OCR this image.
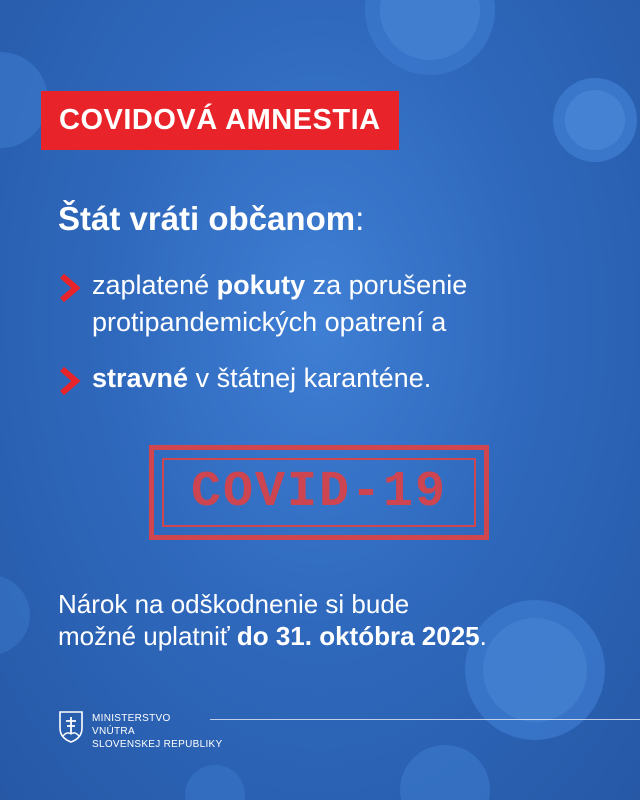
COVIDOVÁ AMNESTIA
Štát vráti občanom:
zaplatené pokuty za porušenie
protipandemických opatrení a
stravné v štátnej karanténe.
COVID-19
Nárok na odškodnenie si bude
možné uplatniť do 31. októbra 2025.
MINISTERSTVO
VNÚTRA
SLOVENSKEJ REPUBLIKY
